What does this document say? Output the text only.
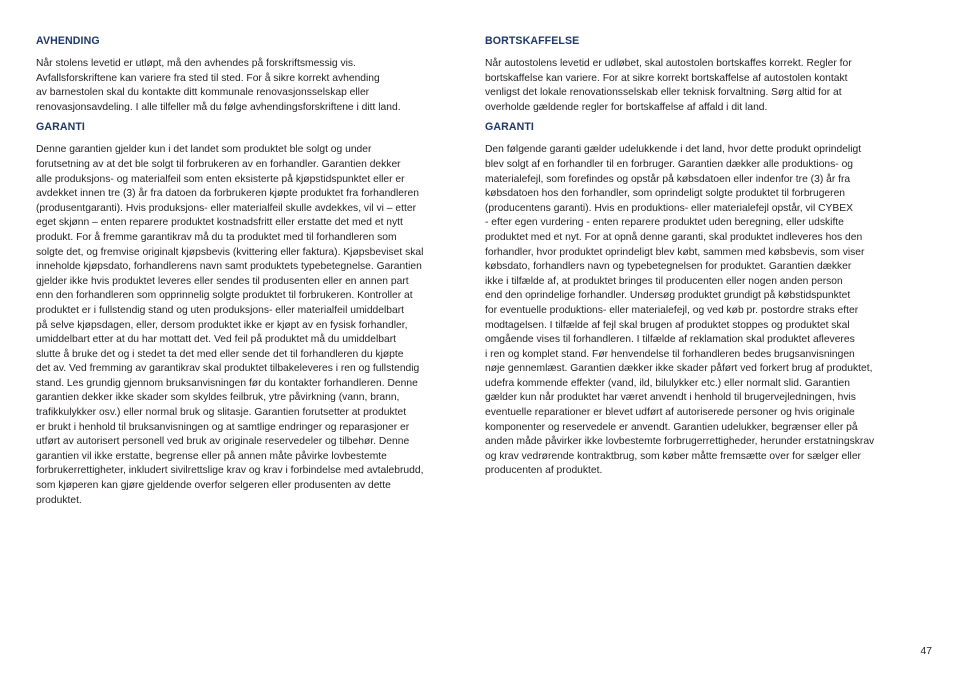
AVHENDING

Når stolens levetid er utløpt, må den avhendes på forskriftsmessig vis.
Avfallsforskriftene kan variere fra sted til sted. For å sikre korrekt avhending
av barnestolen skal du kontakte ditt kommunale renovasjonsselskap eller
renovasjonsavdeling. I alle tilfeller må du følge avhendingsforskriftene i ditt land.

GARANTI

Denne garantien gjelder kun i det landet som produktet ble solgt og under
forutsetning av at det ble solgt til forbrukeren av en forhandler. Garantien dekker
alle produksjons- og materialfeil som enten eksisterte på kjøpstidspunktet eller er
avdekket innen tre (3) år fra datoen da forbrukeren kjøpte produktet fra forhandleren
(produsentgaranti). Hvis produksjons- eller materialfeil skulle avdekkes, vil vi – etter
eget skjønn – enten reparere produktet kostnadsfritt eller erstatte det med et nytt
produkt. For å fremme garantikrav må du ta produktet med til forhandleren som
solgte det, og fremvise originalt kjøpsbevis (kvittering eller faktura). Kjøpsbeviset skal
inneholde kjøpsdato, forhandlerens navn samt produktets typebetegnelse. Garantien
gjelder ikke hvis produktet leveres eller sendes til produsenten eller en annen part
enn den forhandleren som opprinnelig solgte produktet til forbrukeren. Kontroller at
produktet er i fullstendig stand og uten produksjons- eller materialfeil umiddelbart
på selve kjøpsdagen, eller, dersom produktet ikke er kjøpt av en fysisk forhandler,
umiddelbart etter at du har mottatt det. Ved feil på produktet må du umiddelbart
slutte å bruke det og i stedet ta det med eller sende det til forhandleren du kjøpte
det av. Ved fremming av garantikrav skal produktet tilbakeleveres i ren og fullstendig
stand. Les grundig gjennom bruksanvisningen før du kontakter forhandleren. Denne
garantien dekker ikke skader som skyldes feilbruk, ytre påvirkning (vann, brann,
trafikkulykker osv.) eller normal bruk og slitasje. Garantien forutsetter at produktet
er brukt i henhold til bruksanvisningen og at samtlige endringer og reparasjoner er
utført av autorisert personell ved bruk av originale reservedeler og tilbehør. Denne
garantien vil ikke erstatte, begrense eller på annen måte påvirke lovbestemte
forbrukerrettigheter, inkludert sivilrettslige krav og krav i forbindelse med avtalebrudd,
som kjøperen kan gjøre gjeldende overfor selgeren eller produsenten av dette
produktet.

BORTSKAFFELSE

Når autostolens levetid er udløbet, skal autostolen bortskaffes korrekt. Regler for
bortskaffelse kan variere. For at sikre korrekt bortskaffelse af autostolen kontakt
venligst det lokale renovationsselskab eller teknisk forvaltning. Sørg altid for at
overholde gældende regler for bortskaffelse af affald i dit land.

GARANTI

Den følgende garanti gælder udelukkende i det land, hvor dette produkt oprindeligt
blev solgt af en forhandler til en forbruger. Garantien dækker alle produktions- og
materialefejl, som forefindes og opstår på købsdatoen eller indenfor tre (3) år fra
købsdatoen hos den forhandler, som oprindeligt solgte produktet til forbrugeren
(producentens garanti). Hvis en produktions- eller materialefejl opstår, vil CYBEX
- efter egen vurdering - enten reparere produktet uden beregning, eller udskifte
produktet med et nyt. For at opnå denne garanti, skal produktet indleveres hos den
forhandler, hvor produktet oprindeligt blev købt, sammen med købsbevis, som viser
købsdato, forhandlers navn og typebetegnelsen for produktet. Garantien dækker
ikke i tilfælde af, at produktet bringes til producenten eller nogen anden person
end den oprindelige forhandler. Undersøg produktet grundigt på købstidspunktet
for eventuelle produktions- eller materialefejl, og ved køb pr. postordre straks efter
modtagelsen. I tilfælde af fejl skal brugen af produktet stoppes og produktet skal
omgående vises til forhandleren. I tilfælde af reklamation skal produktet afleveres
i ren og komplet stand. Før henvendelse til forhandleren bedes brugsanvisningen
nøje gennemlæst. Garantien dækker ikke skader påført ved forkert brug af produktet,
udefra kommende effekter (vand, ild, bilulykker etc.) eller normalt slid. Garantien
gælder kun når produktet har været anvendt i henhold til brugervejledningen, hvis
eventuelle reparationer er blevet udført af autoriserede personer og hvis originale
komponenter og reservedele er anvendt. Garantien udelukker, begrænser eller på
anden måde påvirker ikke lovbestemte forbrugerrettigheder, herunder erstatningskrav
og krav vedrørende kontraktbrug, som køber måtte fremsætte over for sælger eller
producenten af produktet.

47
